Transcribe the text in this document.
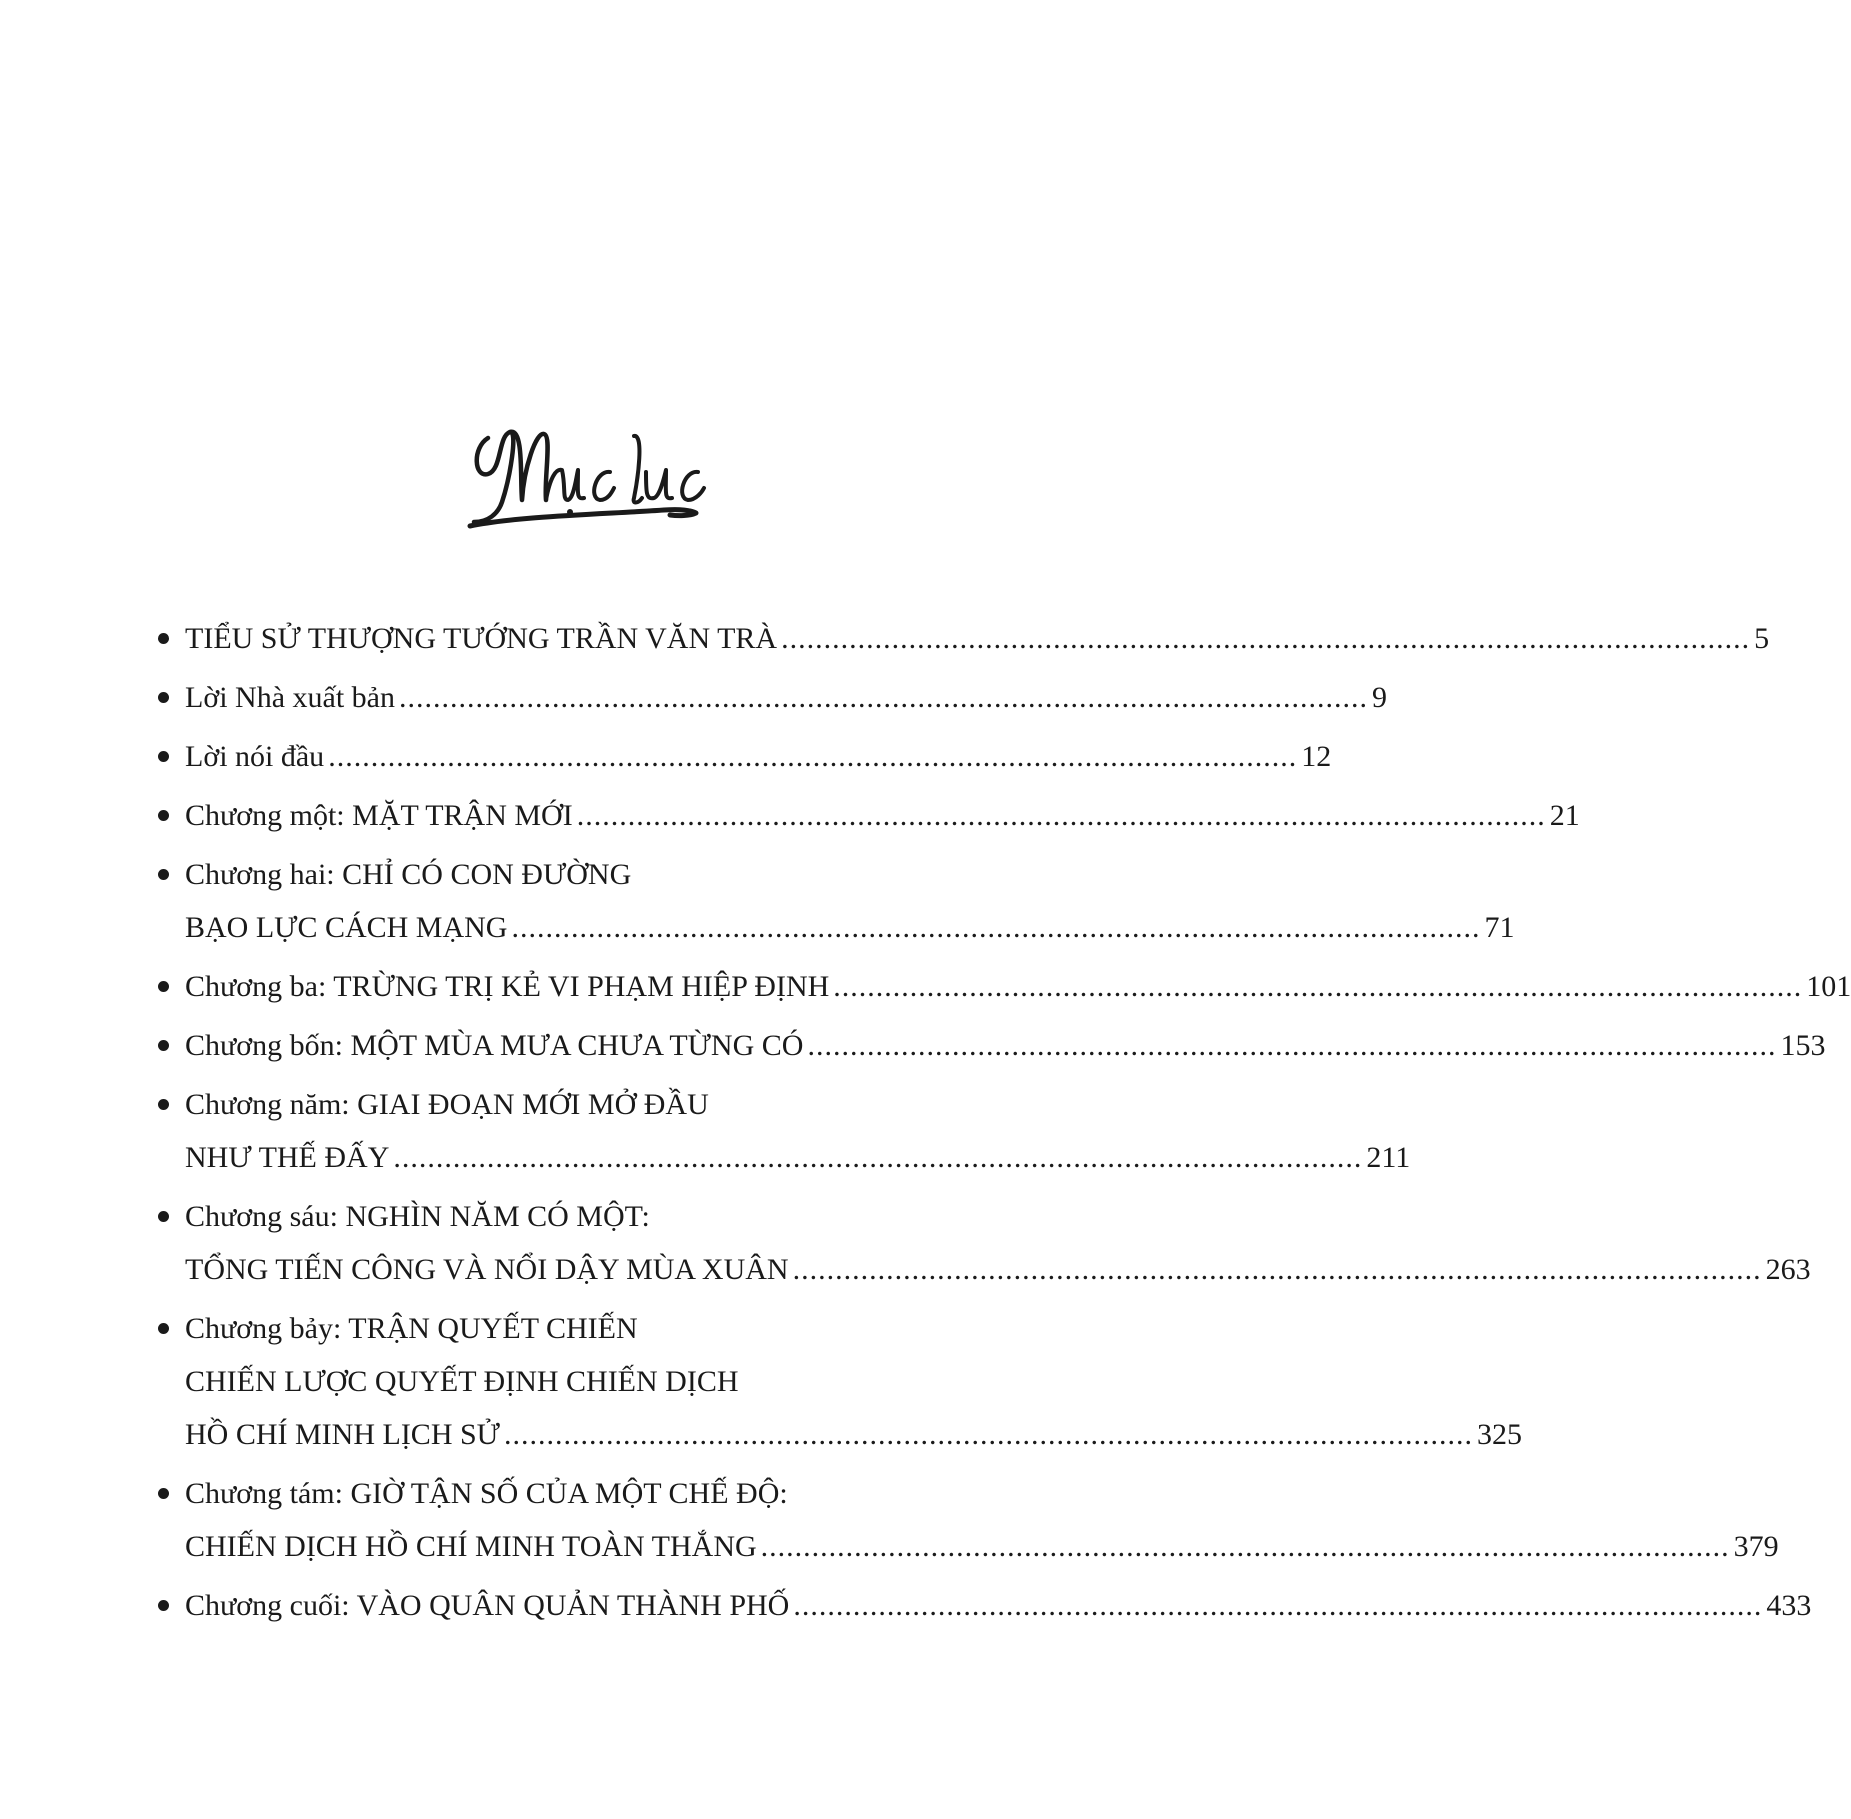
TIỂU SỬ THƯỢNG TƯỚNG TRẦN VĂN TRÀ .................................................................................................................. 5
Lời Nhà xuất bản .................................................................................................................. 9
Lời nói đầu .................................................................................................................. 12
Chương một: MẶT TRẬN MỚI .................................................................................................................. 21
Chương hai: CHỈ CÓ CON ĐƯỜNG
BẠO LỰC CÁCH MẠNG .................................................................................................................. 71
Chương ba: TRỪNG TRỊ KẺ VI PHẠM HIỆP ĐỊNH .................................................................................................................. 101
Chương bốn: MỘT MÙA MƯA CHƯA TỪNG CÓ .................................................................................................................. 153
Chương năm: GIAI ĐOẠN MỚI MỞ ĐẦU
NHƯ THẾ ĐẤY .................................................................................................................. 211
Chương sáu: NGHÌN NĂM CÓ MỘT:
TỔNG TIẾN CÔNG VÀ NỔI DẬY MÙA XUÂN .................................................................................................................. 263
Chương bảy: TRẬN QUYẾT CHIẾN
CHIẾN LƯỢC QUYẾT ĐỊNH CHIẾN DỊCH
HỒ CHÍ MINH LỊCH SỬ .................................................................................................................. 325
Chương tám: GIỜ TẬN SỐ CỦA MỘT CHẾ ĐỘ:
CHIẾN DỊCH HỒ CHÍ MINH TOÀN THẮNG .................................................................................................................. 379
Chương cuối: VÀO QUÂN QUẢN THÀNH PHỐ .................................................................................................................. 433
